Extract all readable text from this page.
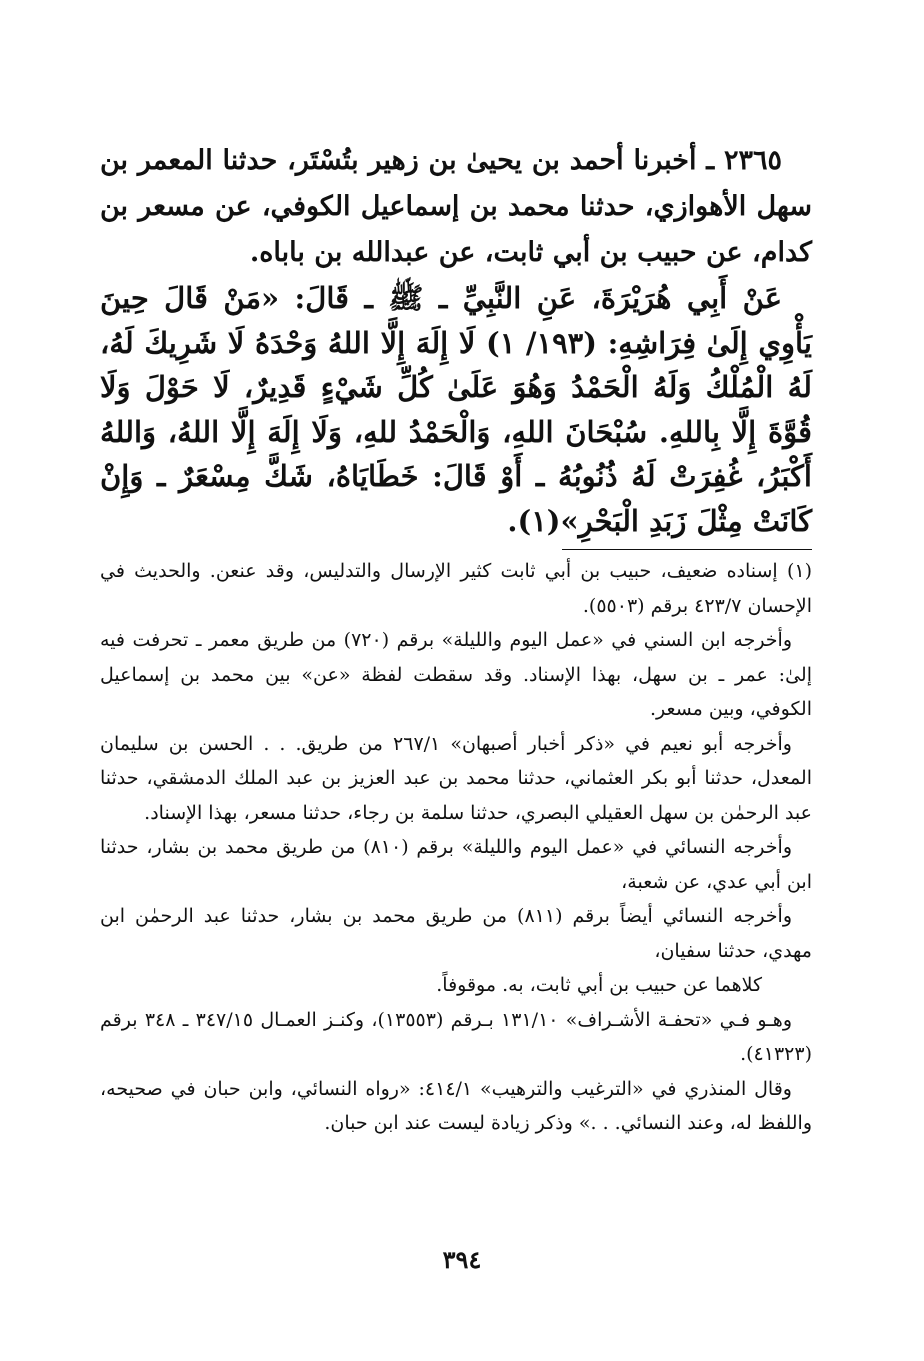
٢٣٦٥ ـ أخبرنا أحمد بن يحيىٰ بن زهير بتُسْتَر، حدثنا المعمر بن سهل الأهوازي، حدثنا محمد بن إسماعيل الكوفي، عن مسعر بن كدام، عن حبيب بن أبي ثابت، عن عبدالله بن باباه.

عَنْ أَبِي هُرَيْرَةَ، عَنِ النَّبِيِّ ـ ﷺ ـ قَالَ: «مَنْ قَالَ حِينَ يَأْوِي إِلَىٰ فِرَاشِهِ: (١٩٣/ ١) لَا إِلَهَ إِلَّا اللهُ وَحْدَهُ لَا شَرِيكَ لَهُ، لَهُ الْمُلْكُ وَلَهُ الْحَمْدُ وَهُوَ عَلَىٰ كُلِّ شَيْءٍ قَدِيرٌ، لَا حَوْلَ وَلَا قُوَّةَ إِلَّا بِاللهِ. سُبْحَانَ اللهِ، وَالْحَمْدُ للهِ، وَلَا إِلَهَ إِلَّا اللهُ، وَاللهُ أَكْبَرُ، غُفِرَتْ لَهُ ذُنُوبُهُ ـ أَوْ قَالَ: خَطَايَاهُ، شَكَّ مِسْعَرٌ ـ وَإِنْ كَانَتْ مِثْلَ زَبَدِ الْبَحْرِ»(١).

(١) إسناده ضعيف، حبيب بن أبي ثابت كثير الإرسال والتدليس، وقد عنعن. والحديث في الإحسان ٤٢٣/٧ برقم (٥٥٠٣).

وأخرجه ابن السني في «عمل اليوم والليلة» برقم (٧٢٠) من طريق معمر ـ تحرفت فيه إلىٰ: عمر ـ بن سهل، بهذا الإسناد. وقد سقطت لفظة «عن» بين محمد بن إسماعيل الكوفي، وبين مسعر.

وأخرجه أبو نعيم في «ذكر أخبار أصبهان» ٢٦٧/١ من طريق. . . الحسن بن سليمان المعدل، حدثنا أبو بكر العثماني، حدثنا محمد بن عبد العزيز بن عبد الملك الدمشقي، حدثنا عبد الرحمٰن بن سهل العقيلي البصري، حدثنا سلمة بن رجاء، حدثنا مسعر، بهذا الإسناد.

وأخرجه النسائي في «عمل اليوم والليلة» برقم (٨١٠) من طريق محمد بن بشار، حدثنا ابن أبي عدي، عن شعبة،

وأخرجه النسائي أيضاً برقم (٨١١) من طريق محمد بن بشار، حدثنا عبد الرحمٰن ابن مهدي، حدثنا سفيان،

كلاهما عن حبيب بن أبي ثابت، به. موقوفاً.

وهـو فـي «تحفـة الأشـراف» ١٣١/١٠ بـرقم (١٣٥٥٣)، وكنـز العمـال ٣٤٧/١٥ ـ ٣٤٨ برقم (٤١٣٢٣).

وقال المنذري في «الترغيب والترهيب» ٤١٤/١: «رواه النسائي، وابن حبان في صحيحه، واللفظ له، وعند النسائي. . .» وذكر زيادة ليست عند ابن حبان.

٣٩٤
